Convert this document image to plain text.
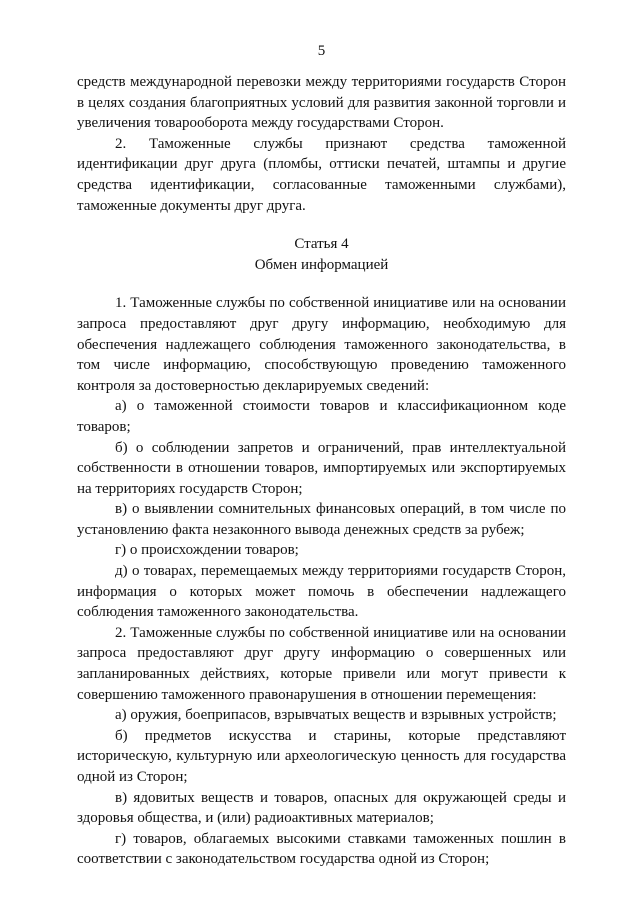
5

средств международной перевозки между территориями государств Сторон в целях создания благоприятных условий для развития законной торговли и увеличения товарооборота между государствами Сторон.

2. Таможенные службы признают средства таможенной идентификации друг друга (пломбы, оттиски печатей, штампы и другие средства идентификации, согласованные таможенными службами), таможенные документы друг друга.

Статья 4

Обмен информацией

1. Таможенные службы по собственной инициативе или на основании запроса предоставляют друг другу информацию, необходимую для обеспечения надлежащего соблюдения таможенного законодательства, в том числе информацию, способствующую проведению таможенного контроля за достоверностью декларируемых сведений:

а) о таможенной стоимости товаров и классификационном коде товаров;

б) о соблюдении запретов и ограничений, прав интеллектуальной собственности в отношении товаров, импортируемых или экспортируемых на территориях государств Сторон;

в) о выявлении сомнительных финансовых операций, в том числе по установлению факта незаконного вывода денежных средств за рубеж;

г) о происхождении товаров;

д) о товарах, перемещаемых между территориями государств Сторон, информация о которых может помочь в обеспечении надлежащего соблюдения таможенного законодательства.

2. Таможенные службы по собственной инициативе или на основании запроса предоставляют друг другу информацию о совершенных или запланированных действиях, которые привели или могут привести к совершению таможенного правонарушения в отношении перемещения:

а) оружия, боеприпасов, взрывчатых веществ и взрывных устройств;

б) предметов искусства и старины, которые представляют историческую, культурную или археологическую ценность для государства одной из Сторон;

в) ядовитых веществ и товаров, опасных для окружающей среды и здоровья общества, и (или) радиоактивных материалов;

г) товаров, облагаемых высокими ставками таможенных пошлин в соответствии с законодательством государства одной из Сторон;
